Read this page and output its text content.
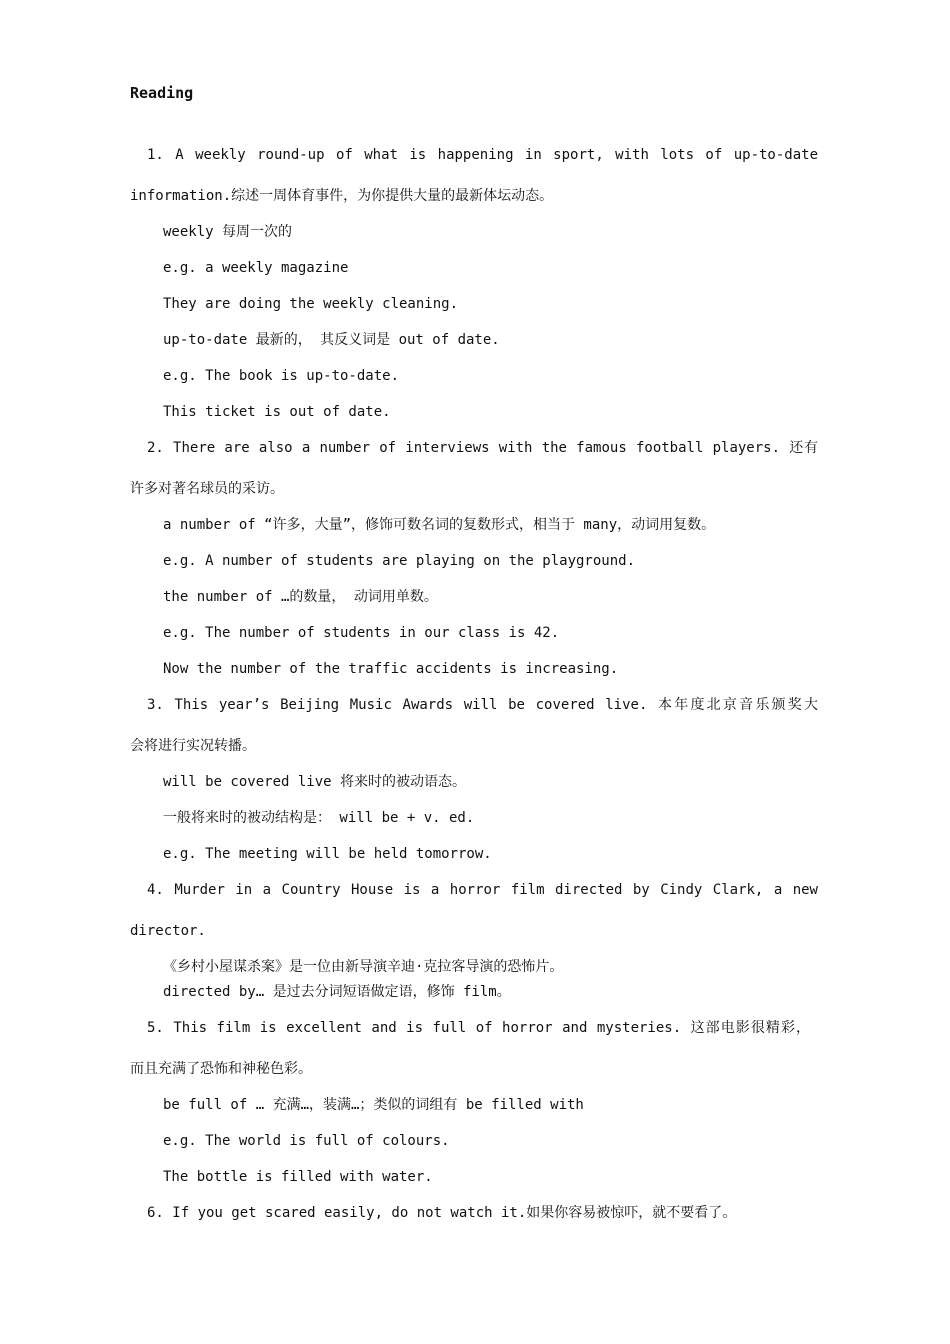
Reading
1. A weekly round-up of what is happening in sport, with lots of up-to-date
information.综述一周体育事件，为你提供大量的最新体坛动态。
weekly 每周一次的
e.g. a weekly magazine
They are doing the weekly cleaning.
up-to-date 最新的， 其反义词是 out of date.
e.g. The book is up-to-date.
This ticket is out of date.
2. There are also a number of interviews with the famous football players. 还有
许多对著名球员的采访。
a number of “许多，大量”，修饰可数名词的复数形式，相当于 many，动词用复数。
e.g. A number of students are playing on the playground.
the number of …的数量， 动词用单数。
e.g. The number of students in our class is 42.
Now the number of the traffic accidents is increasing.
3. This year’s Beijing Music Awards will be covered live. 本年度北京音乐颁奖大
会将进行实况转播。
will be covered live 将来时的被动语态。
一般将来时的被动结构是： will be + v. ed.
e.g. The meeting will be held tomorrow.
4. Murder in a Country House is a horror film directed by Cindy Clark, a new
director.
《乡村小屋谋杀案》是一位由新导演辛迪·克拉客导演的恐怖片。
directed by… 是过去分词短语做定语，修饰 film。
5. This film is excellent and is full of horror and mysteries. 这部电影很精彩，
而且充满了恐怖和神秘色彩。
be full of … 充满…，装满…；类似的词组有 be filled with
e.g. The world is full of colours.
The bottle is filled with water.
6. If you get scared easily, do not watch it.如果你容易被惊吓，就不要看了。
